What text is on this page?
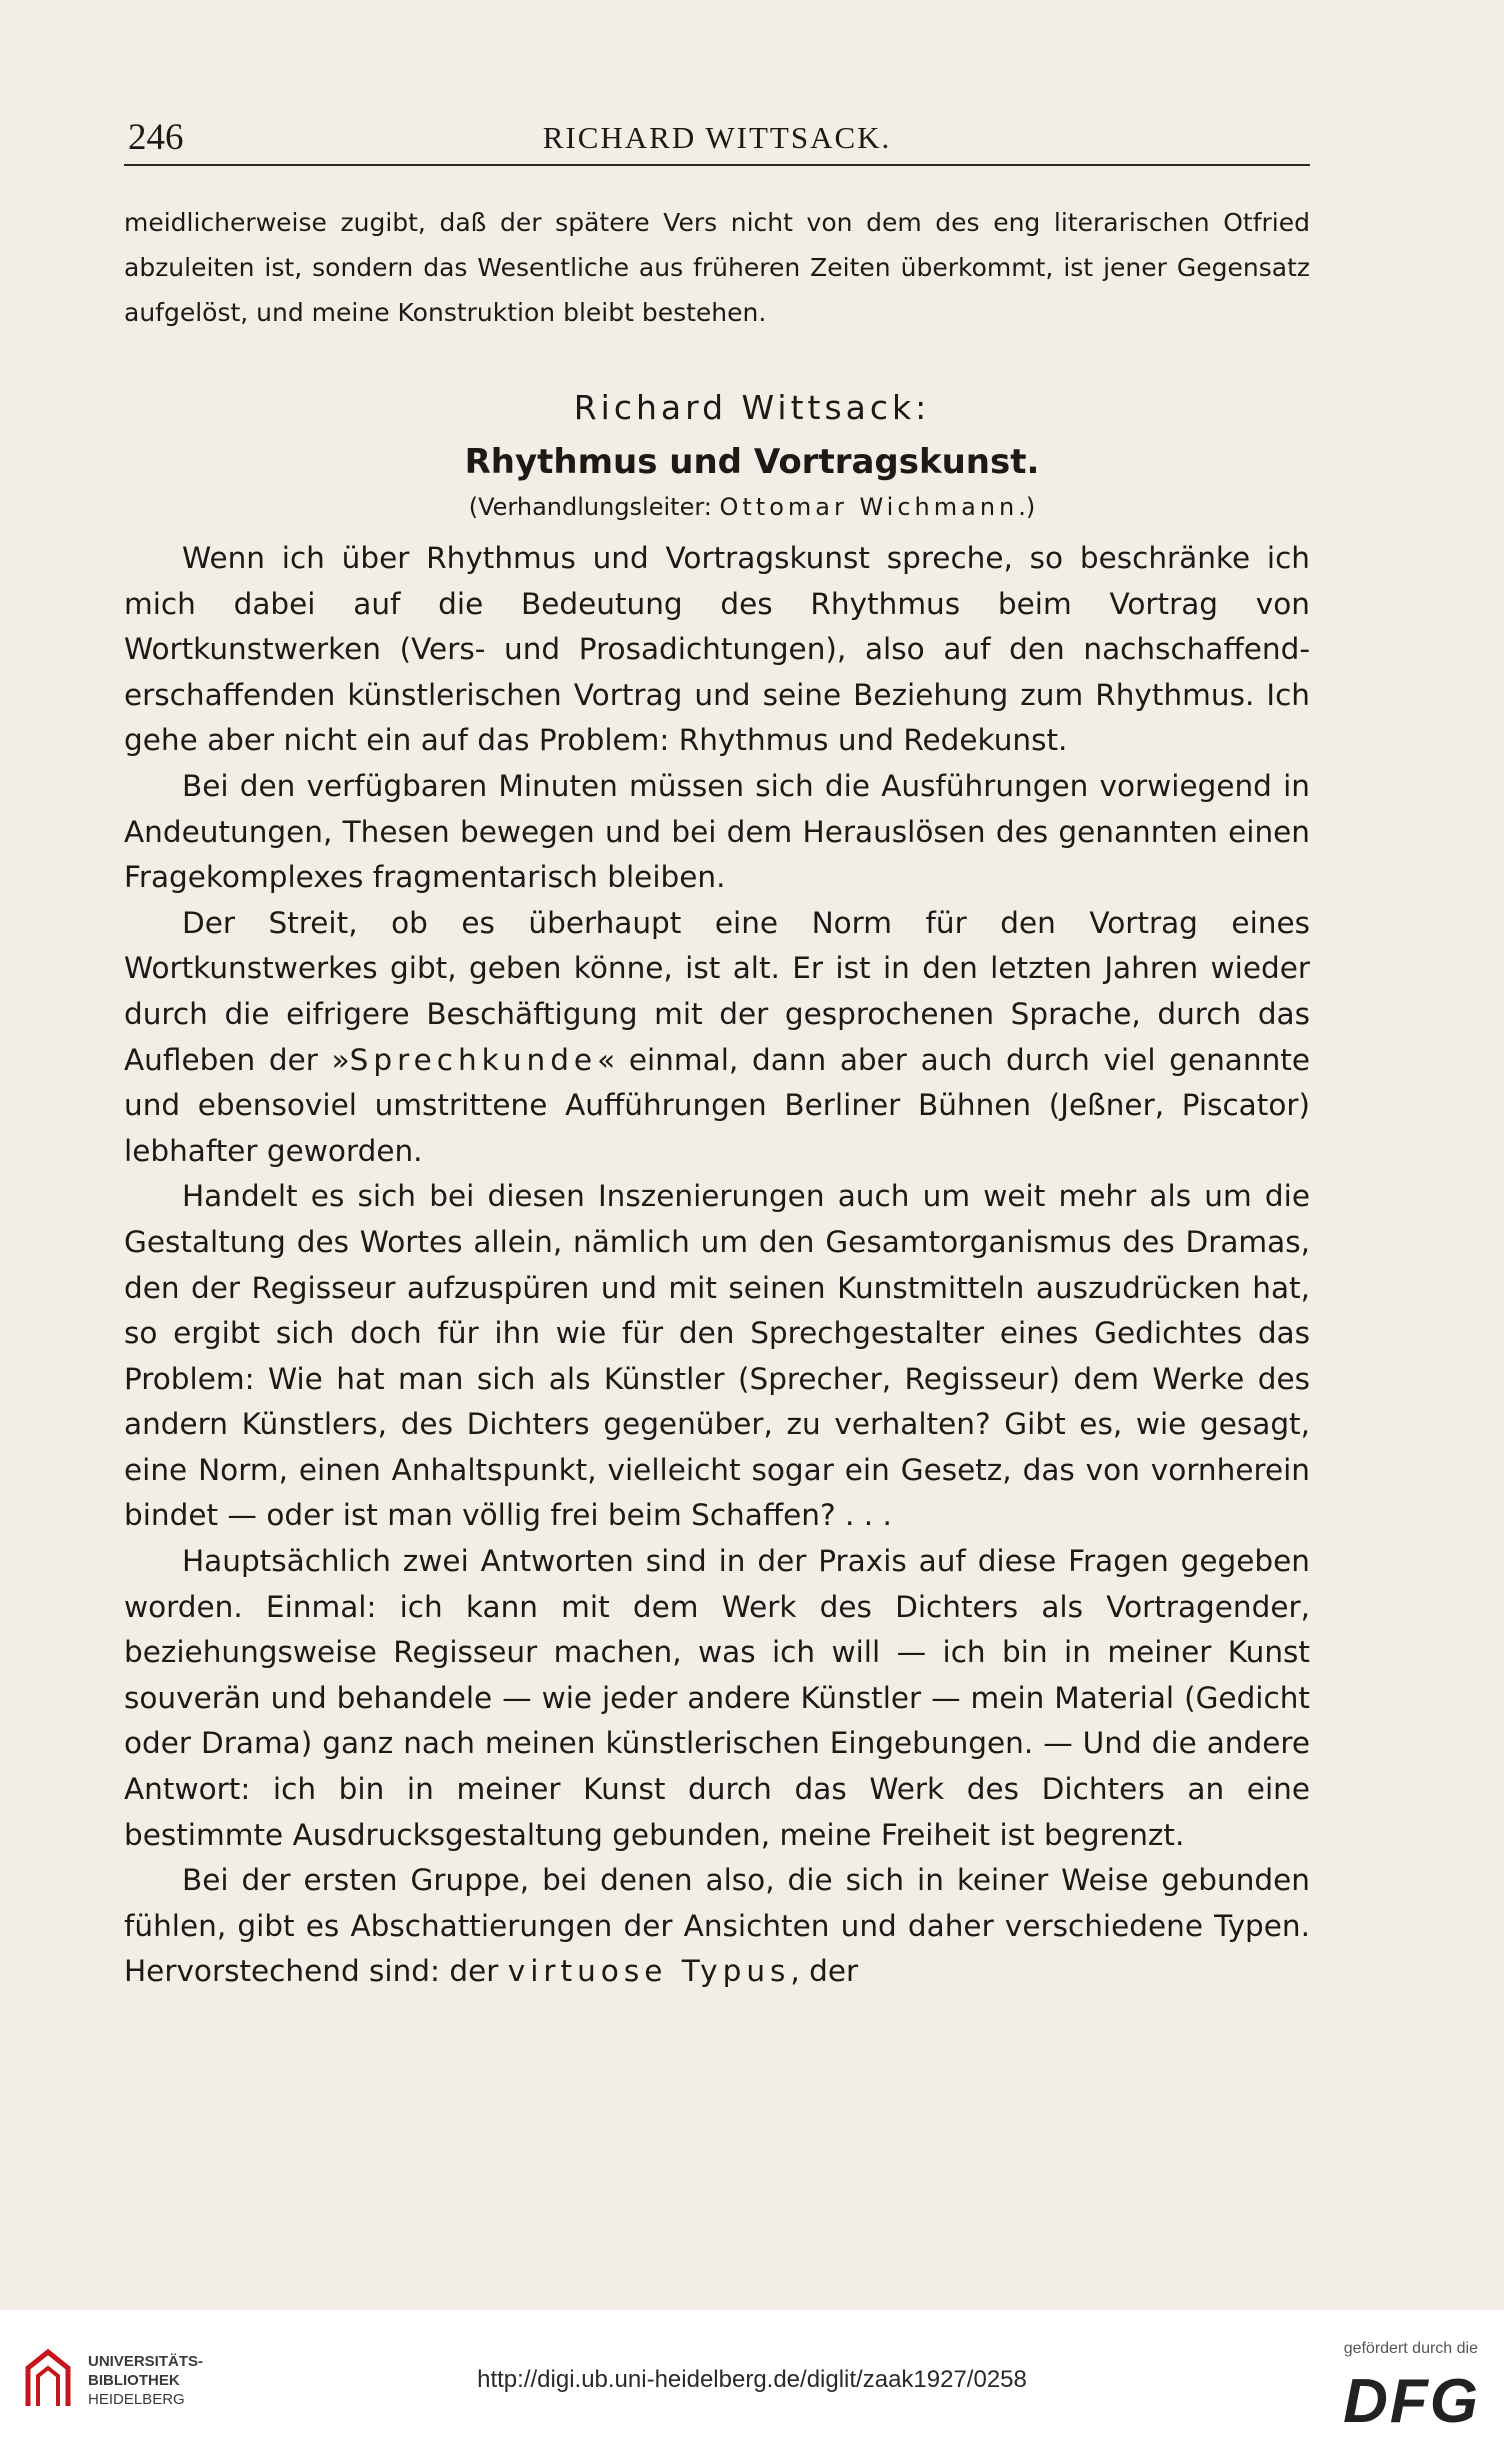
246	RICHARD WITTSACK.

meidlicherweise zugibt, daß der spätere Vers nicht von dem des eng literarischen Otfried abzuleiten ist, sondern das Wesentliche aus früheren Zeiten überkommt, ist jener Gegensatz aufgelöst, und meine Konstruktion bleibt bestehen.

Richard Wittsack:
Rhythmus und Vortragskunst.
(Verhandlungsleiter: Ottomar Wichmann.)

Wenn ich über Rhythmus und Vortragskunst spreche, so beschränke ich mich dabei auf die Bedeutung des Rhythmus beim Vortrag von Wortkunstwerken (Vers- und Prosadichtungen), also auf den nachschaffend-erschaffenden künstlerischen Vortrag und seine Beziehung zum Rhythmus. Ich gehe aber nicht ein auf das Problem: Rhythmus und Redekunst.

Bei den verfügbaren Minuten müssen sich die Ausführungen vorwiegend in Andeutungen, Thesen bewegen und bei dem Herauslösen des genannten einen Fragekomplexes fragmentarisch bleiben.

Der Streit, ob es überhaupt eine Norm für den Vortrag eines Wortkunstwerkes gibt, geben könne, ist alt. Er ist in den letzten Jahren wieder durch die eifrigere Beschäftigung mit der gesprochenen Sprache, durch das Aufleben der »Sprechkunde« einmal, dann aber auch durch viel genannte und ebensoviel umstrittene Aufführungen Berliner Bühnen (Jeßner, Piscator) lebhafter geworden.

Handelt es sich bei diesen Inszenierungen auch um weit mehr als um die Gestaltung des Wortes allein, nämlich um den Gesamtorganismus des Dramas, den der Regisseur aufzuspüren und mit seinen Kunstmitteln auszudrücken hat, so ergibt sich doch für ihn wie für den Sprechgestalter eines Gedichtes das Problem: Wie hat man sich als Künstler (Sprecher, Regisseur) dem Werke des andern Künstlers, des Dichters gegenüber, zu verhalten? Gibt es, wie gesagt, eine Norm, einen Anhaltspunkt, vielleicht sogar ein Gesetz, das von vornherein bindet — oder ist man völlig frei beim Schaffen? . . .

Hauptsächlich zwei Antworten sind in der Praxis auf diese Fragen gegeben worden. Einmal: ich kann mit dem Werk des Dichters als Vortragender, beziehungsweise Regisseur machen, was ich will — ich bin in meiner Kunst souverän und behandele — wie jeder andere Künstler — mein Material (Gedicht oder Drama) ganz nach meinen künstlerischen Eingebungen. — Und die andere Antwort: ich bin in meiner Kunst durch das Werk des Dichters an eine bestimmte Ausdrucksgestaltung gebunden, meine Freiheit ist begrenzt.

Bei der ersten Gruppe, bei denen also, die sich in keiner Weise gebunden fühlen, gibt es Abschattierungen der Ansichten und daher verschiedene Typen. Hervorstechend sind: der virtuose Typus, der

UNIVERSITÄTS-
BIBLIOTHEK
HEIDELBERG
http://digi.ub.uni-heidelberg.de/diglit/zaak1927/0258
gefördert durch die
DFG
